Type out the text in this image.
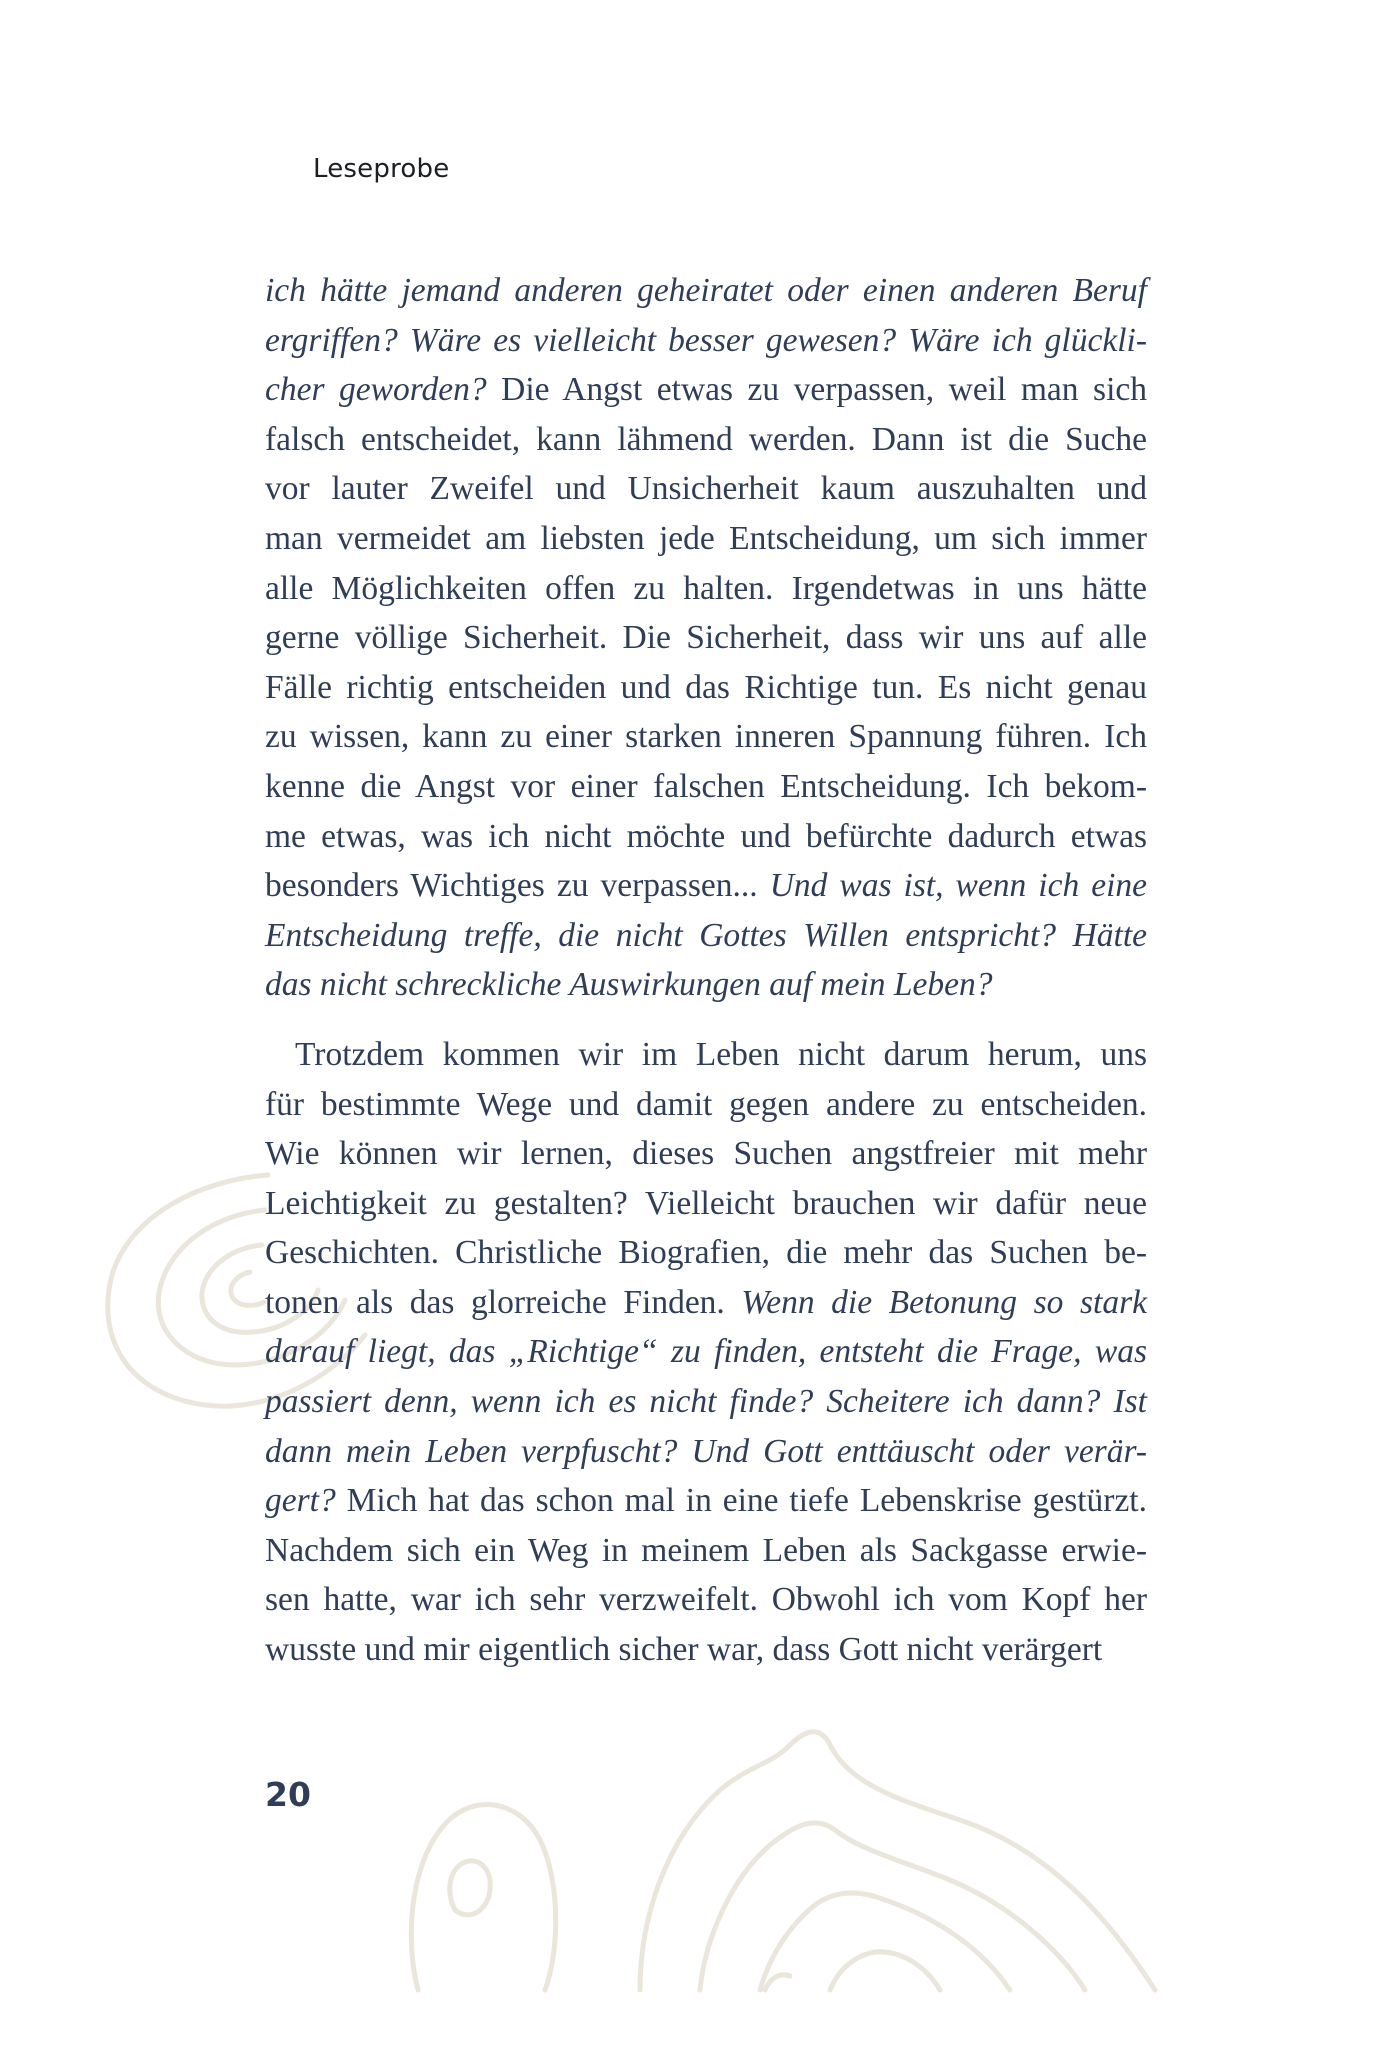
Leseprobe

ich hätte jemand anderen geheiratet oder einen anderen Beruf
ergriffen? Wäre es vielleicht besser gewesen? Wäre ich glückli-
cher geworden? Die Angst etwas zu verpassen, weil man sich
falsch entscheidet, kann lähmend werden. Dann ist die Suche
vor lauter Zweifel und Unsicherheit kaum auszuhalten und
man vermeidet am liebsten jede Entscheidung, um sich immer
alle Möglichkeiten offen zu halten. Irgendetwas in uns hätte
gerne völlige Sicherheit. Die Sicherheit, dass wir uns auf alle
Fälle richtig entscheiden und das Richtige tun. Es nicht genau
zu wissen, kann zu einer starken inneren Spannung führen. Ich
kenne die Angst vor einer falschen Entscheidung. Ich bekom-
me etwas, was ich nicht möchte und befürchte dadurch etwas
besonders Wichtiges zu verpassen... Und was ist, wenn ich eine
Entscheidung treffe, die nicht Gottes Willen entspricht? Hätte
das nicht schreckliche Auswirkungen auf mein Leben?

Trotzdem kommen wir im Leben nicht darum herum, uns
für bestimmte Wege und damit gegen andere zu entscheiden.
Wie können wir lernen, dieses Suchen angstfreier mit mehr
Leichtigkeit zu gestalten? Vielleicht brauchen wir dafür neue
Geschichten. Christliche Biografien, die mehr das Suchen be-
tonen als das glorreiche Finden. Wenn die Betonung so stark
darauf liegt, das „Richtige“ zu finden, entsteht die Frage, was
passiert denn, wenn ich es nicht finde? Scheitere ich dann? Ist
dann mein Leben verpfuscht? Und Gott enttäuscht oder verär-
gert? Mich hat das schon mal in eine tiefe Lebenskrise gestürzt.
Nachdem sich ein Weg in meinem Leben als Sackgasse erwie-
sen hatte, war ich sehr verzweifelt. Obwohl ich vom Kopf her
wusste und mir eigentlich sicher war, dass Gott nicht verärgert

20
